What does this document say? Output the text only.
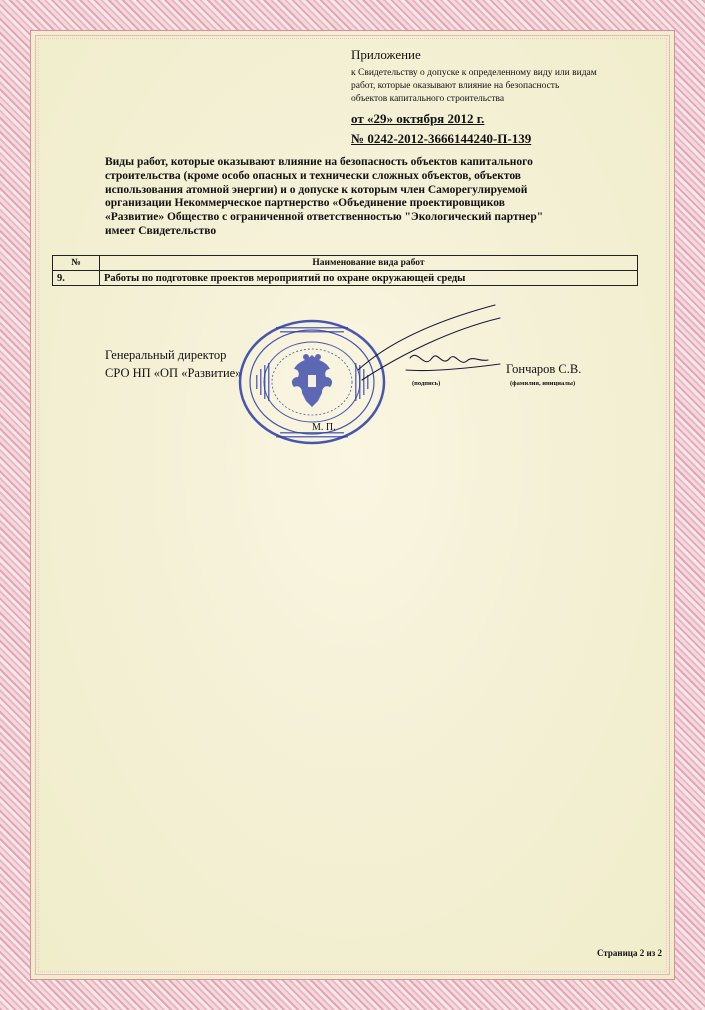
Приложение
к Свидетельству о допуске к определенному виду или видам
работ, которые оказывают влияние на безопасность
объектов капитального строительства
от «29» октября 2012 г.
№ 0242-2012-3666144240-П-139
Виды работ, которые оказывают влияние на безопасность объектов капитального
строительства (кроме особо опасных и технически сложных объектов, объектов
использования атомной энергии) и о допуске к которым член Саморегулируемой
организации Некоммерческое партнерство «Объединение проектировщиков
«Развитие» Общество с ограниченной ответственностью "Экологический партнер"
имеет Свидетельство
№	Наименование вида работ
9.	Работы по подготовке проектов мероприятий по охране окружающей среды
Генеральный директор
СРО НП «ОП «Развитие»
(подпись)
Гончаров С.В.
(фамилия, инициалы)
М. П.
Страница 2 из 2
